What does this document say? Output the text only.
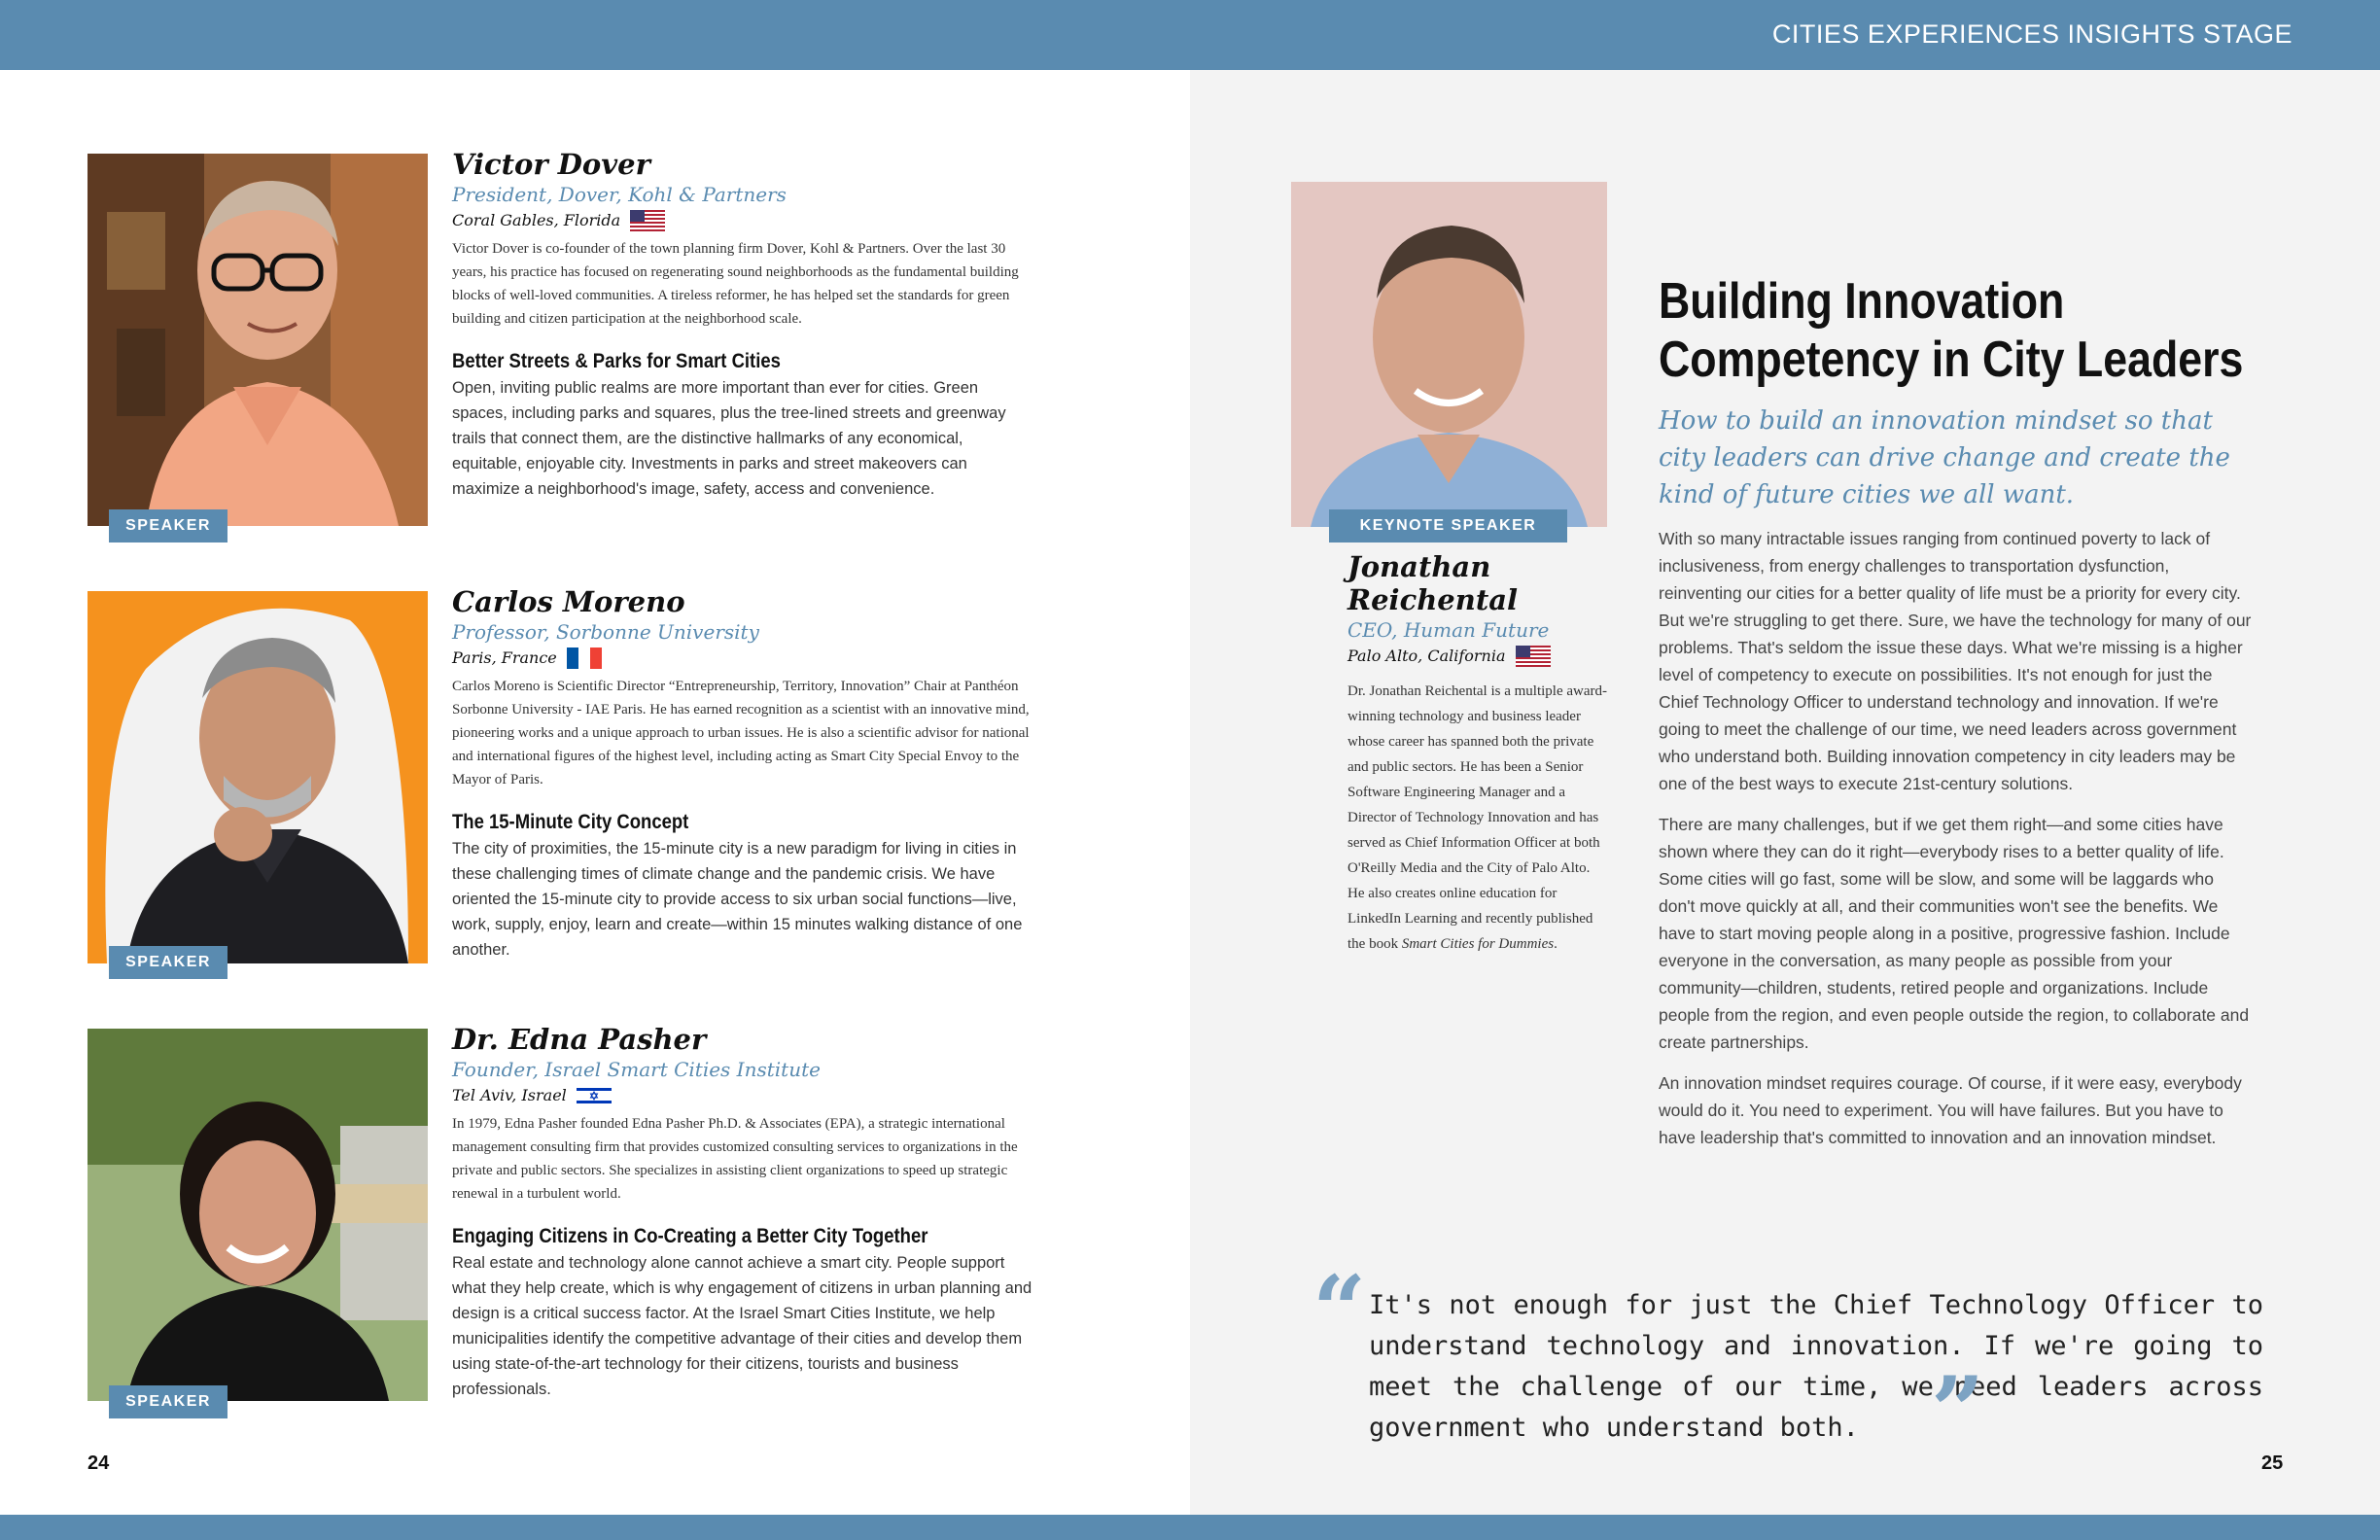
CITIES EXPERIENCES INSIGHTS STAGE
SPEAKER
Victor Dover
President, Dover, Kohl & Partners
Coral Gables, Florida
Victor Dover is co-founder of the town planning firm Dover, Kohl & Partners. Over the last 30 years, his practice has focused on regenerating sound neighborhoods as the fundamental building blocks of well-loved communities. A tireless reformer, he has helped set the standards for green building and citizen participation at the neighborhood scale.
Better Streets & Parks for Smart Cities
Open, inviting public realms are more important than ever for cities. Green spaces, including parks and squares, plus the tree-lined streets and greenway trails that connect them, are the distinctive hallmarks of any economical, equitable, enjoyable city. Investments in parks and street makeovers can maximize a neighborhood's image, safety, access and convenience.
SPEAKER
Carlos Moreno
Professor, Sorbonne University
Paris, France
Carlos Moreno is Scientific Director “Entrepreneurship, Territory, Innovation” Chair at Panthéon Sorbonne University - IAE Paris. He has earned recognition as a scientist with an innovative mind, pioneering works and a unique approach to urban issues. He is also a scientific advisor for national and international figures of the highest level, including acting as Smart City Special Envoy to the Mayor of Paris.
The 15-Minute City Concept
The city of proximities, the 15-minute city is a new paradigm for living in cities in these challenging times of climate change and the pandemic crisis. We have oriented the 15-minute city to provide access to six urban social functions—live, work, supply, enjoy, learn and create—within 15 minutes walking distance of one another.
SPEAKER
Dr. Edna Pasher
Founder, Israel Smart Cities Institute
Tel Aviv, Israel
In 1979, Edna Pasher founded Edna Pasher Ph.D. & Associates (EPA), a strategic international management consulting firm that provides customized consulting services to organizations in the private and public sectors. She specializes in assisting client organizations to speed up strategic renewal in a turbulent world.
Engaging Citizens in Co-Creating a Better City Together
Real estate and technology alone cannot achieve a smart city. People support what they help create, which is why engagement of citizens in urban planning and design is a critical success factor. At the Israel Smart Cities Institute, we help municipalities identify the competitive advantage of their cities and develop them using state-of-the-art technology for their citizens, tourists and business professionals.
24
KEYNOTE SPEAKER
Jonathan Reichental
CEO, Human Future
Palo Alto, California
Dr. Jonathan Reichental is a multiple award-winning technology and business leader whose career has spanned both the private and public sectors. He has been a Senior Software Engineering Manager and a Director of Technology Innovation and has served as Chief Information Officer at both O'Reilly Media and the City of Palo Alto. He also creates online education for LinkedIn Learning and recently published the book Smart Cities for Dummies.
Building Innovation
Competency in City Leaders
How to build an innovation mindset so that city leaders can drive change and create the kind of future cities we all want.

With so many intractable issues ranging from continued poverty to lack of inclusiveness, from energy challenges to transportation dysfunction, reinventing our cities for a better quality of life must be a priority for every city. But we're struggling to get there. Sure, we have the technology for many of our problems. That's seldom the issue these days. What we're missing is a higher level of competency to execute on possibilities. It's not enough for just the Chief Technology Officer to understand technology and innovation. If we're going to meet the challenge of our time, we need leaders across government who understand both. Building innovation competency in city leaders may be one of the best ways to execute 21st-century solutions.

There are many challenges, but if we get them right—and some cities have shown where they can do it right—everybody rises to a better quality of life. Some cities will go fast, some will be slow, and some will be laggards who don't move quickly at all, and their communities won't see the benefits. We have to start moving people along in a positive, progressive fashion. Include everyone in the conversation, as many people as possible from your community—children, students, retired people and organizations. Include people from the region, and even people outside the region, to collaborate and create partnerships.

An innovation mindset requires courage. Of course, if it were easy, everybody would do it. You need to experiment. You will have failures. But you have to have leadership that's committed to innovation and an innovation mindset.

“ It's not enough for just the Chief Technology Officer to understand technology and innovation. If we're going to meet the challenge of our time, we need leaders across government who understand both. ”	25
